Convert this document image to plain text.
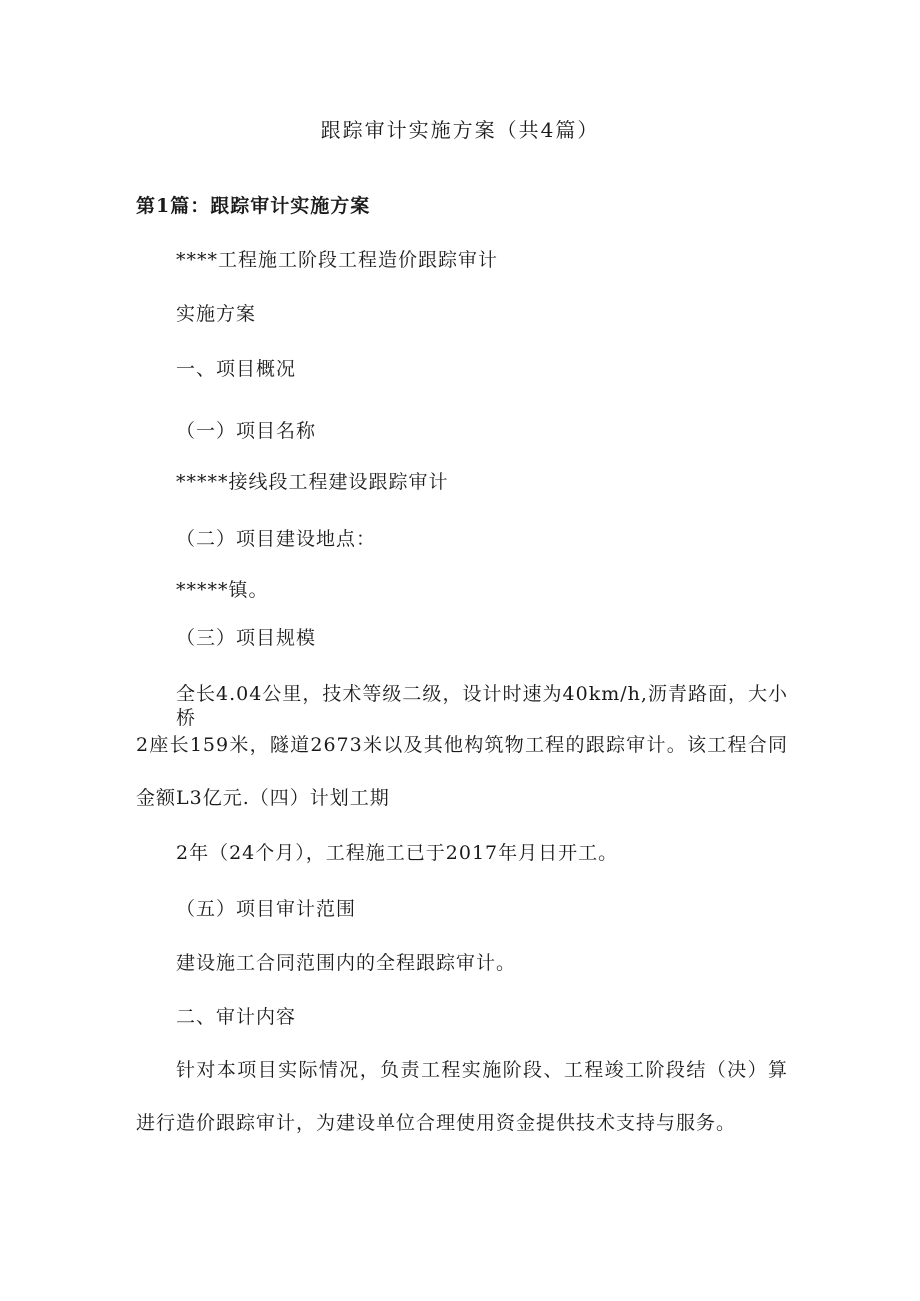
跟踪审计实施方案（共4篇）
第1篇：跟踪审计实施方案
****工程施工阶段工程造价跟踪审计
实施方案
一、项目概况
（一）项目名称
*****接线段工程建设跟踪审计
（二）项目建设地点：
*****镇。
（三）项目规模
全长4.04公里，技术等级二级，设计时速为40km∕h,沥青路面，大小桥
2座长159米，隧道2673米以及其他构筑物工程的跟踪审计。该工程合同
金额L3亿元.（四）计划工期
2年（24个月），工程施工已于2017年月日开工。
（五）项目审计范围
建设施工合同范围内的全程跟踪审计。
二、审计内容
针对本项目实际情况，负责工程实施阶段、工程竣工阶段结（决）算
进行造价跟踪审计，为建设单位合理使用资金提供技术支持与服务。
